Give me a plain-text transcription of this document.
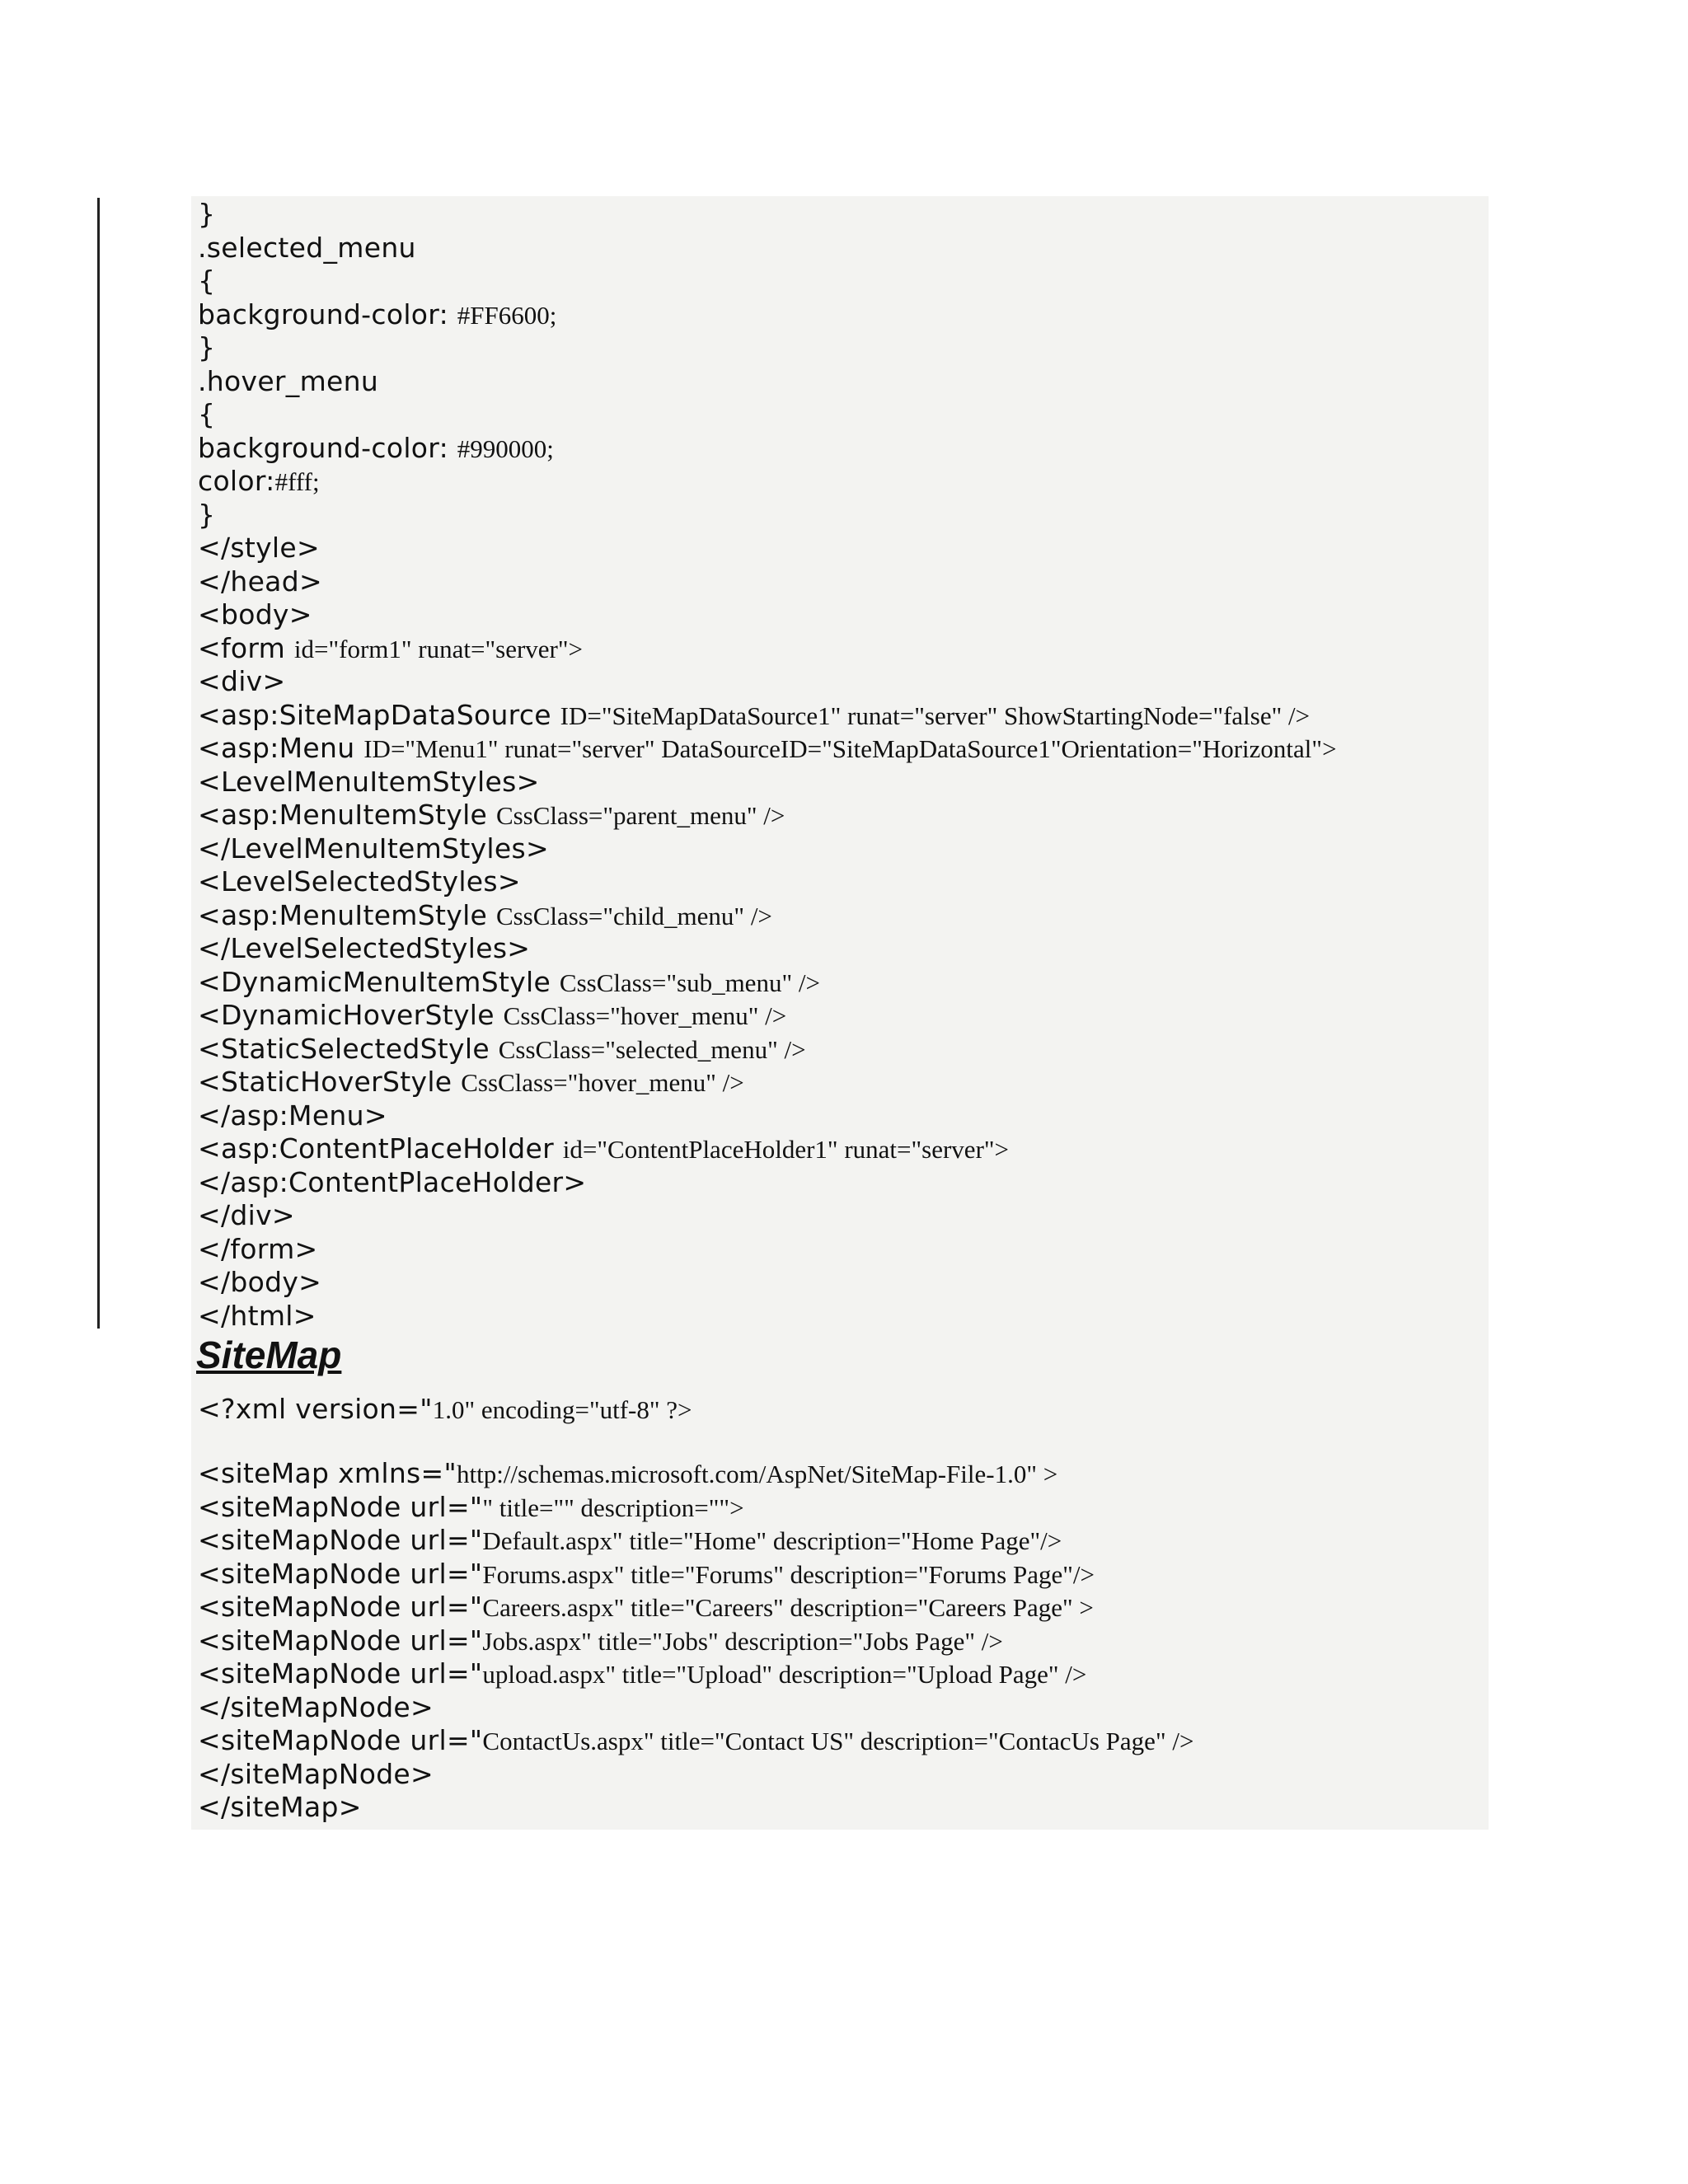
}
.selected_menu
{
background-color: #FF6600;
}
.hover_menu
{
background-color: #990000;
color:#fff;
}
</style>
</head>
<body>
<form id="form1" runat="server">
<div>
<asp:SiteMapDataSource ID="SiteMapDataSource1" runat="server" ShowStartingNode="false" />
<asp:Menu ID="Menu1" runat="server" DataSourceID="SiteMapDataSource1"Orientation="Horizontal">
<LevelMenuItemStyles>
<asp:MenuItemStyle CssClass="parent_menu" />
</LevelMenuItemStyles>
<LevelSelectedStyles>
<asp:MenuItemStyle CssClass="child_menu" />
</LevelSelectedStyles>
<DynamicMenuItemStyle CssClass="sub_menu" />
<DynamicHoverStyle CssClass="hover_menu" />
<StaticSelectedStyle CssClass="selected_menu" />
<StaticHoverStyle CssClass="hover_menu" />
</asp:Menu>
<asp:ContentPlaceHolder id="ContentPlaceHolder1" runat="server">
</asp:ContentPlaceHolder>
</div>
</form>
</body>
</html>
SiteMap
<?xml version="1.0" encoding="utf-8" ?>
<siteMap xmlns="http://schemas.microsoft.com/AspNet/SiteMap-File-1.0" >
<siteMapNode url="" title="" description="">
<siteMapNode url="Default.aspx" title="Home" description="Home Page"/>
<siteMapNode url="Forums.aspx" title="Forums" description="Forums Page"/>
<siteMapNode url="Careers.aspx" title="Careers" description="Careers Page" >
<siteMapNode url="Jobs.aspx" title="Jobs" description="Jobs Page" />
<siteMapNode url="upload.aspx" title="Upload" description="Upload Page" />
</siteMapNode>
<siteMapNode url="ContactUs.aspx" title="Contact US" description="ContacUs Page" />
</siteMapNode>
</siteMap>
